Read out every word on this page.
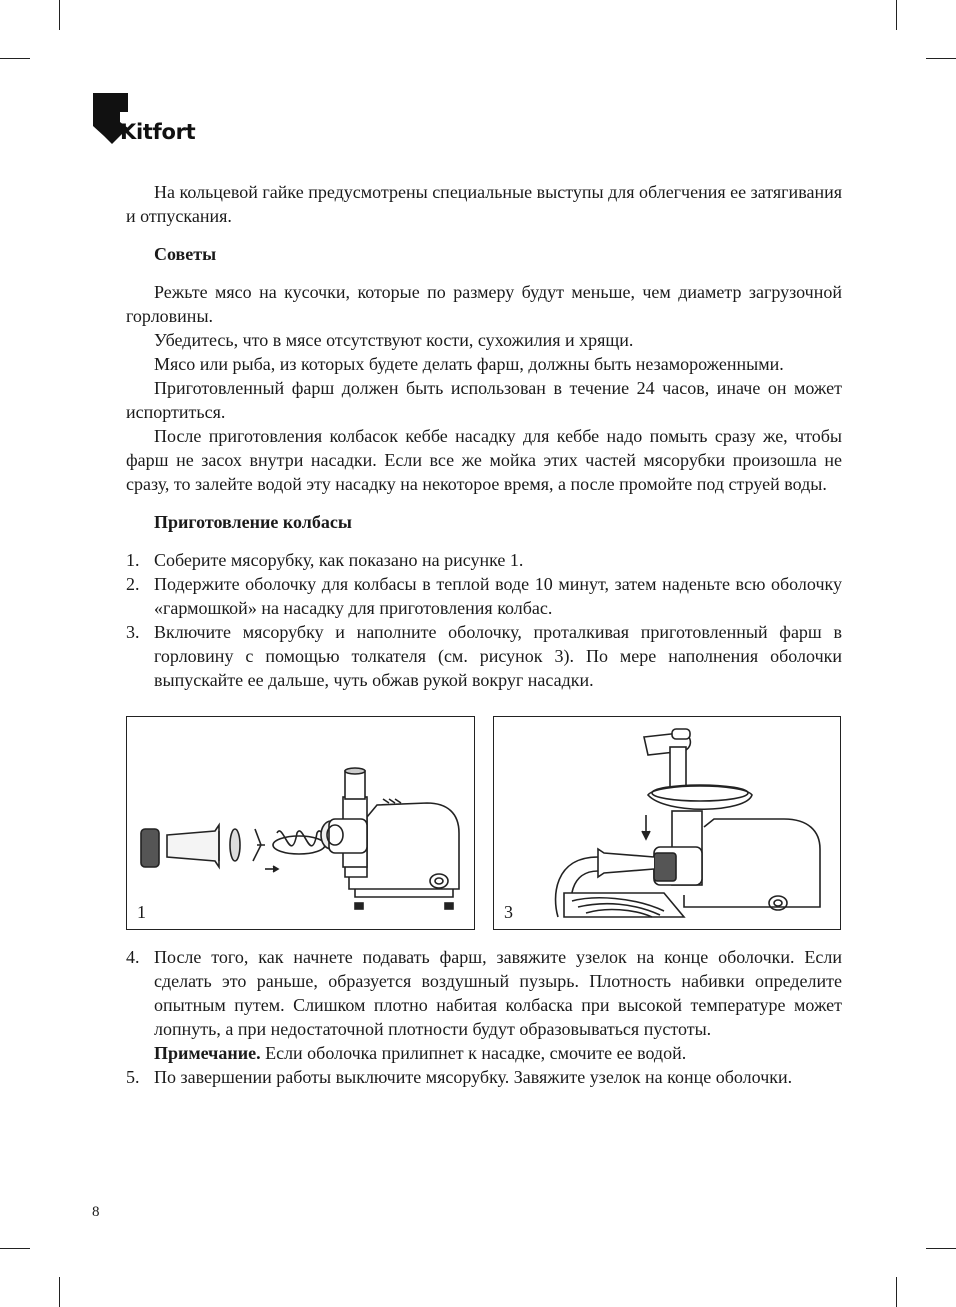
Kitfort

На кольцевой гайке предусмотрены специальные выступы для облегчения ее затягивания и отпускания.

Советы

Режьте мясо на кусочки, которые по размеру будут меньше, чем диаметр загрузочной горловины.

Убедитесь, что в мясе отсутствуют кости, сухожилия и хрящи.

Мясо или рыба, из которых будете делать фарш, должны быть незамороженными.

Приготовленный фарш должен быть использован в течение 24 часов, иначе он может испортиться.

После приготовления колбасок кеббе насадку для кеббе надо помыть сразу же, чтобы фарш не засох внутри насадки. Если все же мойка этих частей мясорубки произошла не сразу, то залейте водой эту насадку на некоторое время, а после промойте под струей воды.

Приготовление колбасы

1. Соберите мясорубку, как показано на рисунке 1.
2. Подержите оболочку для колбасы в теплой воде 10 минут, затем наденьте всю оболочку «гармошкой» на насадку для приготовления колбас.
3. Включите мясорубку и наполните оболочку, проталкивая приготовленный фарш в горловину с помощью толкателя (см. рисунок 3). По мере наполнения оболочки выпускайте ее дальше, чуть обжав рукой вокруг насадки.
1	3
4. После того, как начнете подавать фарш, завяжите узелок на конце оболочки. Если сделать это раньше, образуется воздушный пузырь. Плотность набивки определите опытным путем. Слишком плотно набитая колбаска при высокой температуре может лопнуть, а при недостаточной плотности будут образовываться пустоты.

Примечание. Если оболочка прилипнет к насадке, смочите ее водой.

5. По завершении работы выключите мясорубку. Завяжите узелок на конце оболочки.
8
